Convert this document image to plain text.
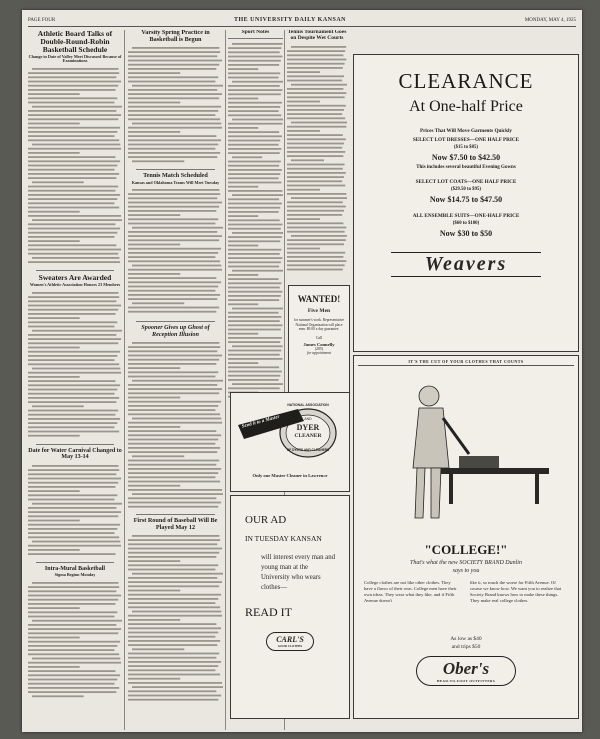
PAGE FOUR	THE UNIVERSITY DAILY KANSAN	MONDAY, MAY 4, 1925
Athletic Board Talks of Double-Round-Robin Basketball Schedule
Change in Date of Valley Meet Discussed Because of Examinations
Sweaters Are Awarded
Women's Athletic Association Honors 23 Members
Date for Water Carnival Changed to May 13-14
Intra-Mural Basketball
Sigma Beginn Monday
Varsity Spring Practice in Basketball is Begun
Tennis Match Scheduled
Kansas and Oklahoma Teams Will Meet Tuesday
Spooner Gives up Ghost of Reception Illusion
First Round of Baseball Will Be Played May 12
Sport Notes	Tennis Tournament Goes on Despite Wet Courts
WANTED!
Five Men
for summer's work. Representative National Organization will place men. $9.00 a day guarantee.
Call
James Connelly
(285)
for appointment
CLEARANCE
At One-half Price
Prices That Will Move Garments Quickly
SELECT LOT DRESSES—ONE HALF PRICE
($15 to $85)
Now $7.50 to $42.50
This includes several beautiful Evening Gowns
SELECT LOT COATS—ONE HALF PRICE
($29.50 to $95)
Now $14.75 to $47.50
ALL ENSEMBLE SUITS—ONE-HALF PRICE
($60 to $100)
Now $30 to $50
Weavers
NATIONAL ASSOCIATION
Send it to a Master	AND
DYER
CLEANER
OF DYERS AND CLEANERS
Only one Master Cleaner in Lawrence
OUR AD
IN TUESDAY KANSAN
will interest every man and young man at the University who wears clothes—
READ IT
CARL'S
GOOD CLOTHES
IT'S THE CUT OF YOUR CLOTHES THAT COUNTS
"COLLEGE!"
That's what the new SOCIETY BRAND Dunlin
says to you
College clothes are not like other clothes. They have a flavor of their own. College men have their own ideas. They wear what they like, and if Fifth Avenue doesn't
like it, so much the worse for Fifth Avenue. Of course we know how. We want you to realize that Society Brand knows how to make these things. They make real college clothes.
As low as $40
and trips $50
Ober's
HEAD-TO-FOOT OUTFITTERS
